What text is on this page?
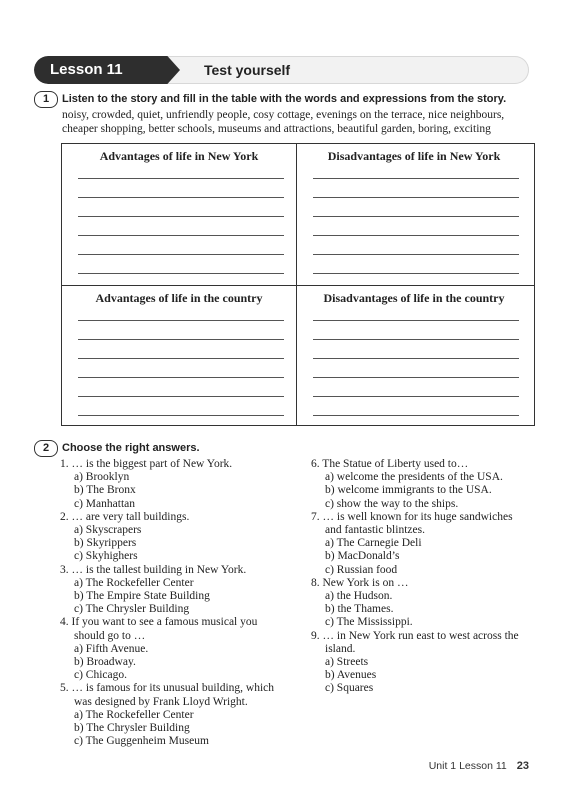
Lesson 11	Test yourself
1	Listen to the story and fill in the table with the words and expressions from the story.
noisy, crowded, quiet, unfriendly people, cosy cottage, evenings on the terrace, nice neighbours,
cheaper shopping, better schools, museums and attractions, beautiful garden, boring, exciting
Advantages of life in New York	Disadvantages of life in New York
Advantages of life in the country	Disadvantages of life in the country
2	Choose the right answers.
1. … is the biggest part of New York.
a) Brooklyn
b) The Bronx
c) Manhattan
2. … are very tall buildings.
a) Skyscrapers
b) Skyrippers
c) Skyhighers
3. … is the tallest building in New York.
a) The Rockefeller Center
b) The Empire State Building
c) The Chrysler Building
4. If you want to see a famous musical you
should go to …
a) Fifth Avenue.
b) Broadway.
c) Chicago.
5. … is famous for its unusual building, which
was designed by Frank Lloyd Wright.
a) The Rockefeller Center
b) The Chrysler Building
c) The Guggenheim Museum
6. The Statue of Liberty used to…
a) welcome the presidents of the USA.
b) welcome immigrants to the USA.
c) show the way to the ships.
7. … is well known for its huge sandwiches
and fantastic blintzes.
a) The Carnegie Deli
b) MacDonald’s
c) Russian food
8. New York is on …
a) the Hudson.
b) the Thames.
c) The Mississippi.
9. … in New York run east to west across the
island.
a) Streets
b) Avenues
c) Squares
Unit 1 Lesson 11 23
